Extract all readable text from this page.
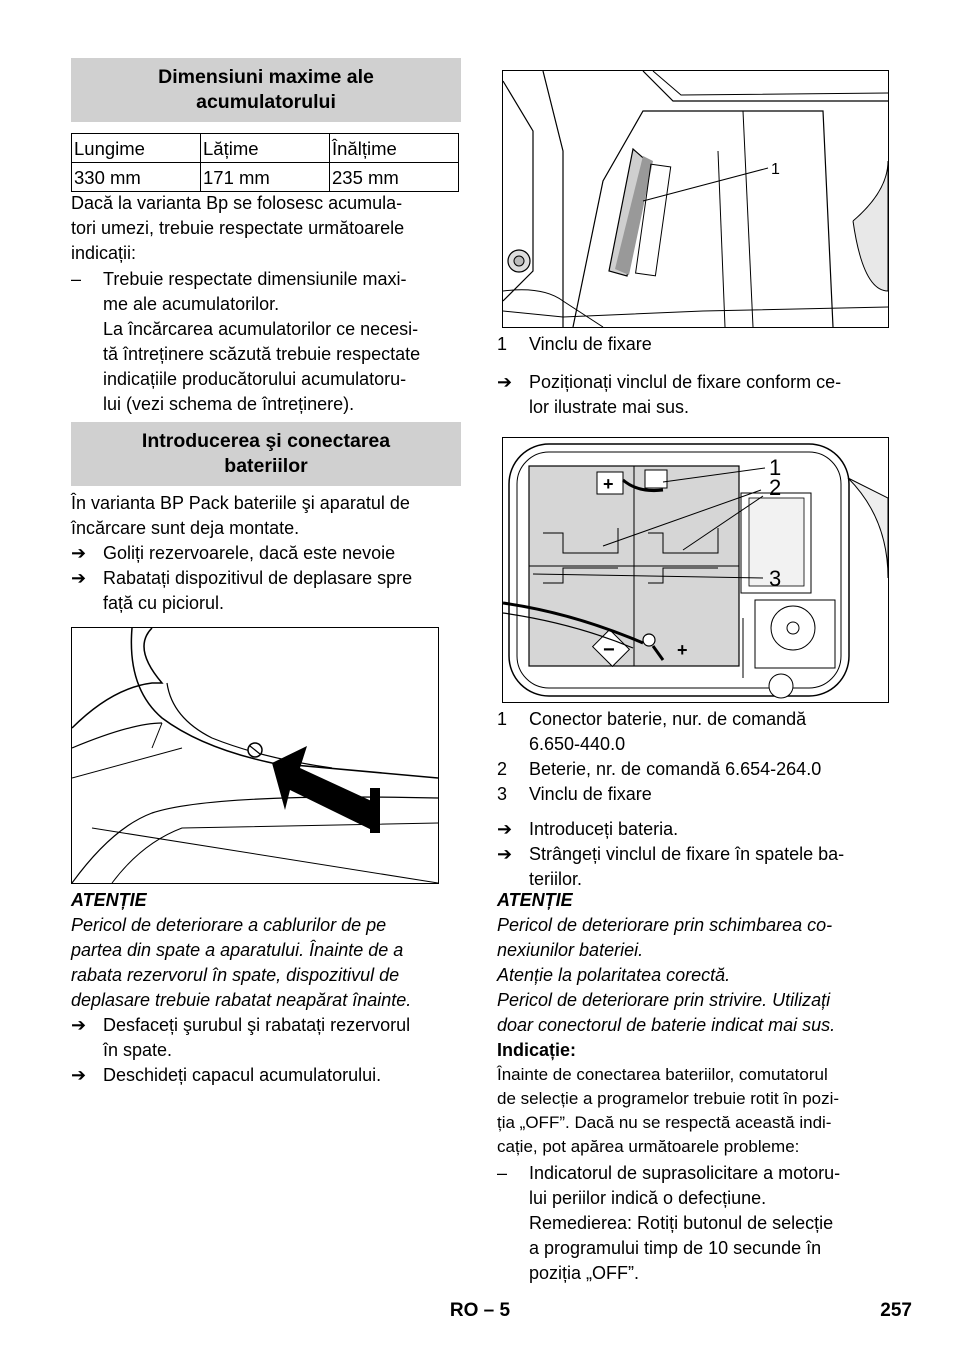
Dimensiuni maxime ale acumulatorului
Lungime	Lățime	Înălțime
330 mm	171 mm	235 mm

Dacă la varianta Bp se folosesc acumula-

tori umezi, trebuie respectate următoarele

indicații:

– Trebuie respectate dimensiunile maxi-

me ale acumulatorilor.

La încărcarea acumulatorilor ce necesi-

tă întreținere scăzută trebuie respectate

indicațiile producătorului acumulatoru-

lui (vezi schema de întreținere).

Introducerea şi conectarea bateriilor

În varianta BP Pack bateriile şi aparatul de

încărcare sunt deja montate.

➔ Goliți rezervoarele, dacă este nevoie

➔ Rabatați dispozitivul de deplasare spre

față cu piciorul.

ATENȚIE

Pericol de deteriorare a cablurilor de pe

partea din spate a aparatului. Înainte de a

rabata rezervorul în spate, dispozitivul de

deplasare trebuie rabatat neapărat înainte.

➔ Desfaceți şurubul şi rabatați rezervorul

în spate.

➔ Deschideți capacul acumulatorului.

1
1 Vinclu de fixare
➔ Poziționați vinclul de fixare conform ce-

lor ilustrate mai sus.

+
−	+
1
2
3
1 Conector baterie, nur. de comandă

6.650-440.0

2 Beterie, nr. de comandă 6.654-264.0

3 Vinclu de fixare

➔ Introduceți bateria.

➔ Strângeți vinclul de fixare în spatele ba-

teriilor.

ATENȚIE

Pericol de deteriorare prin schimbarea co-

nexiunilor bateriei.

Atenție la polaritatea corectă.

Pericol de deteriorare prin strivire. Utilizați

doar conectorul de baterie indicat mai sus.

Indicație:

Înainte de conectarea bateriilor, comutatorul

de selecție a programelor trebuie rotit în pozi-

ția „OFF”. Dacă nu se respectă această indi-

cație, pot apărea următoarele probleme:

– Indicatorul de suprasolicitare a motoru-

lui periilor indică o defecțiune.

Remedierea: Rotiți butonul de selecție

a programului timp de 10 secunde în

poziția „OFF”.

RO – 5	257
